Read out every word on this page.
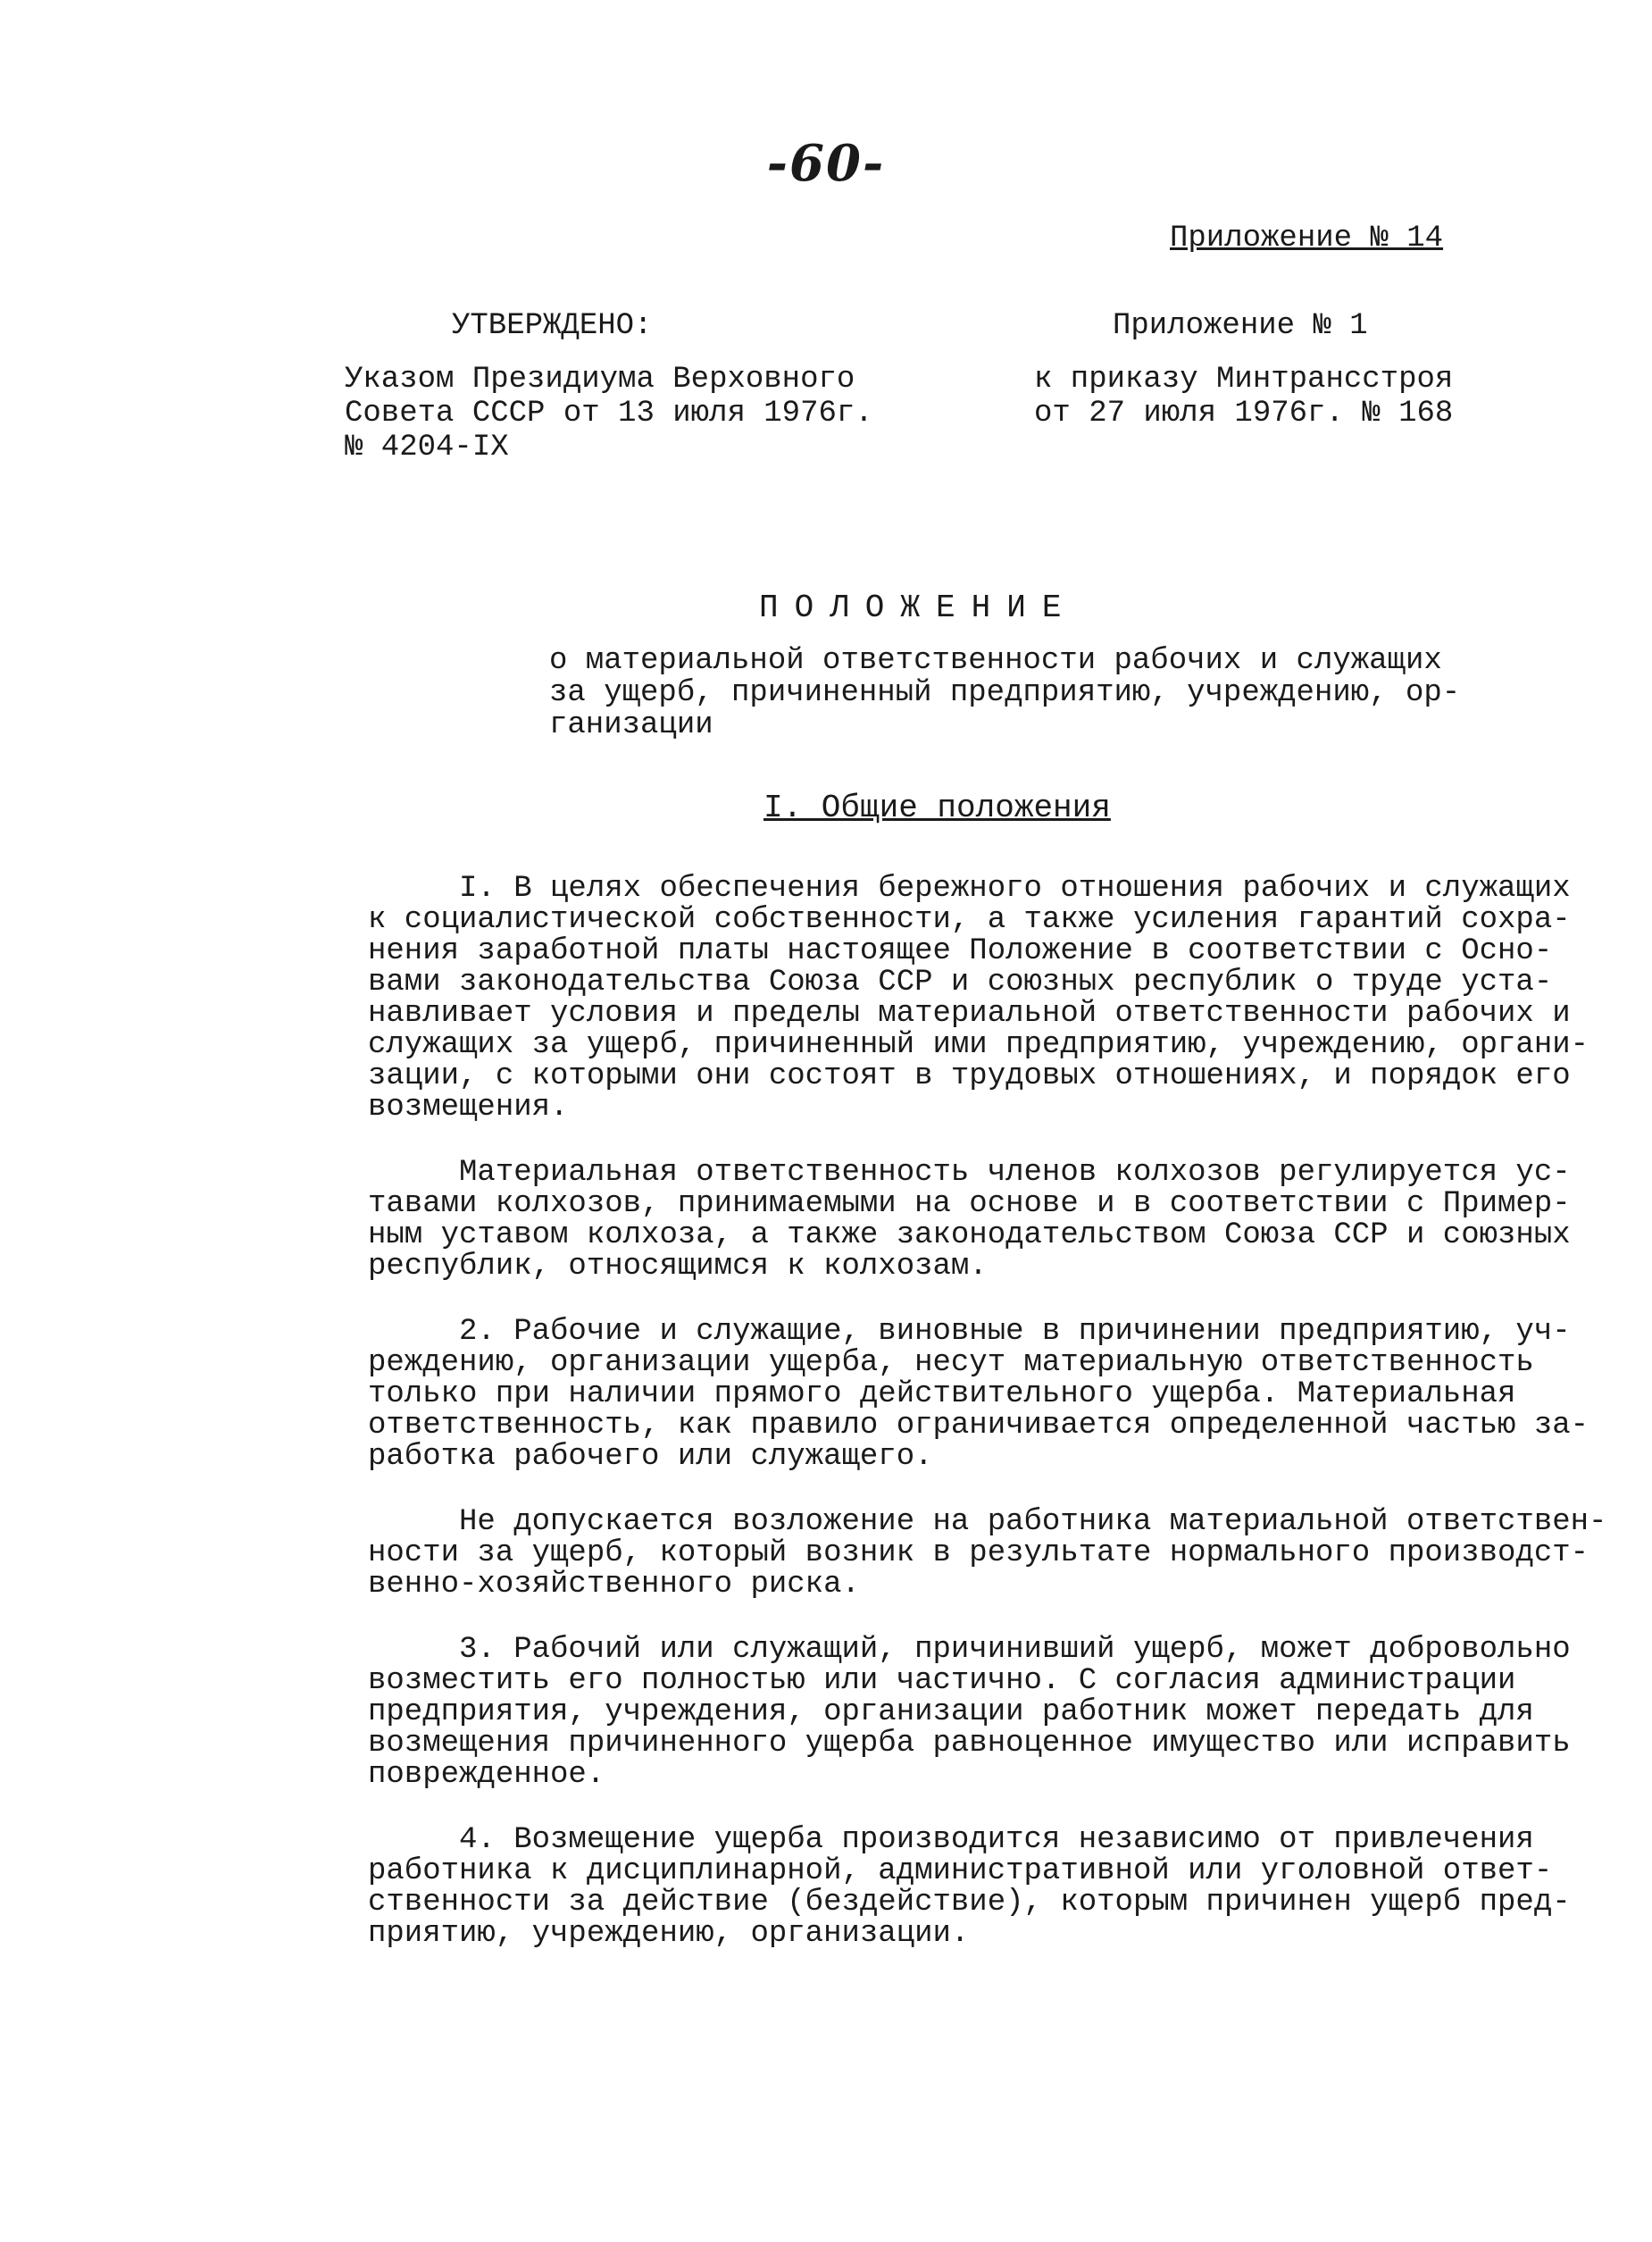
-60-
Приложение № 14
УТВЕРЖДЕНО:
Указом Президиума Верховного
Совета СССР от 13 июля 1976г.
№ 4204-IX
Приложение № 1
к приказу Минтрансстроя
от 27 июля 1976г. № 168
ПОЛОЖЕНИЕ
о материальной ответственности рабочих и служащих
за ущерб, причиненный предприятию, учреждению, ор-
ганизации
I. Общие положения
I. В целях обеспечения бережного отношения рабочих и служащих
к социалистической собственности, а также усиления гарантий сохра-
нения заработной платы настоящее Положение в соответствии с Осно-
вами законодательства Союза ССР и союзных республик о труде уста-
навливает условия и пределы материальной ответственности рабочих и
служащих за ущерб, причиненный ими предприятию, учреждению, органи-
зации, с которыми они состоят в трудовых отношениях, и порядок его
возмещения.
Материальная ответственность членов колхозов регулируется ус-
тавами колхозов, принимаемыми на основе и в соответствии с Пример-
ным уставом колхоза, а также законодательством Союза ССР и союзных
республик, относящимся к колхозам.
2. Рабочие и служащие, виновные в причинении предприятию, уч-
реждению, организации ущерба, несут материальную ответственность
только при наличии прямого действительного ущерба. Материальная
ответственность, как правило ограничивается определенной частью за-
работка рабочего или служащего.
Не допускается возложение на работника материальной ответствен-
ности за ущерб, который возник в результате нормального производст-
венно-хозяйственного риска.
3. Рабочий или служащий, причинивший ущерб, может добровольно
возместить его полностью или частично. С согласия администрации
предприятия, учреждения, организации работник может передать для
возмещения причиненного ущерба равноценное имущество или исправить
поврежденное.
4. Возмещение ущерба производится независимо от привлечения
работника к дисциплинарной, административной или уголовной ответ-
ственности за действие (бездействие), которым причинен ущерб пред-
приятию, учреждению, организации.
